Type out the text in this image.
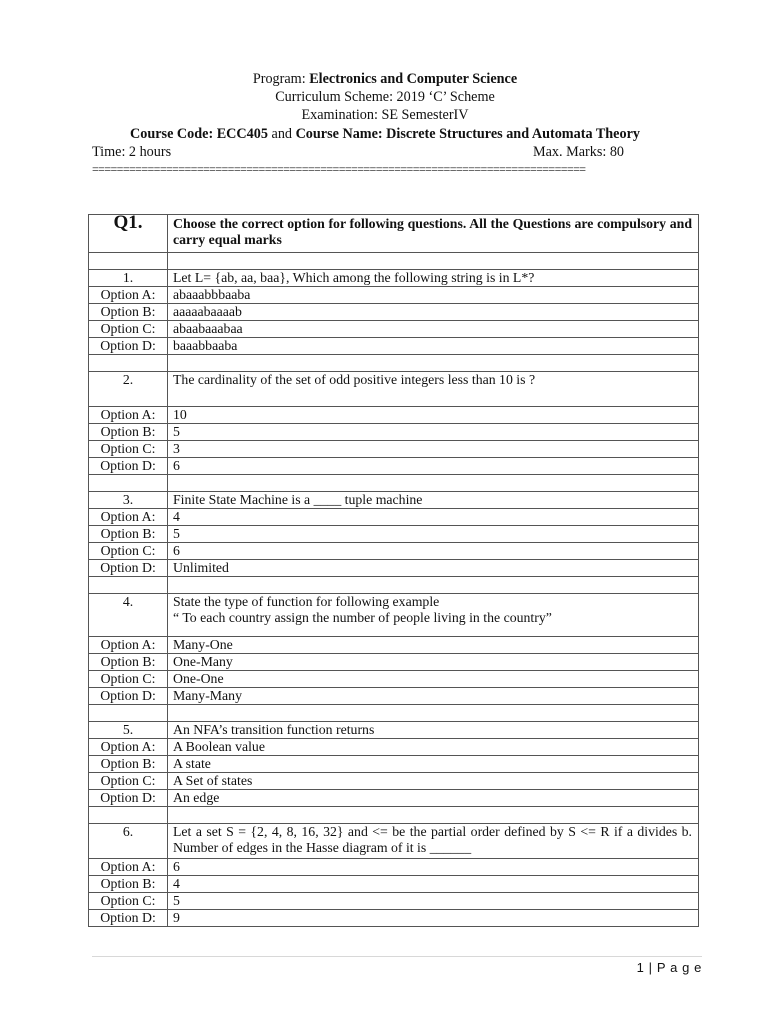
Program: Electronics and Computer Science
Curriculum Scheme: 2019 ‘C’ Scheme
Examination: SE SemesterIV
Course Code: ECC405 and Course Name: Discrete Structures and Automata Theory
Time: 2 hours	Max. Marks: 80
================================================================================
Q1.	Choose the correct option for following questions. All the Questions are compulsory and carry equal marks

1.	Let L= {ab, aa, baa}, Which among the following string is in L*?
Option A:	abaaabbbaaba
Option B:	aaaaabaaaab
Option C:	abaabaaabaa
Option D:	baaabbaaba

2.	The cardinality of the set of odd positive integers less than 10 is ?
Option A:	10
Option B:	5
Option C:	3
Option D:	6

3.	Finite State Machine is a ____ tuple machine
Option A:	4
Option B:	5
Option C:	6
Option D:	Unlimited

4.	State the type of function for following example
“ To each country assign the number of people living in the country”

Option A:	Many-One
Option B:	One-Many
Option C:	One-One
Option D:	Many-Many

5.	An NFA’s transition function returns
Option A:	A Boolean value
Option B:	A state
Option C:	A Set of states
Option D:	An edge

6.	Let a set S = {2, 4, 8, 16, 32} and <= be the partial order defined by S <= R if a divides b. Number of edges in the Hasse diagram of it is ______
Option A:	6
Option B:	4
Option C:	5
Option D:	9
1 | P a g e
